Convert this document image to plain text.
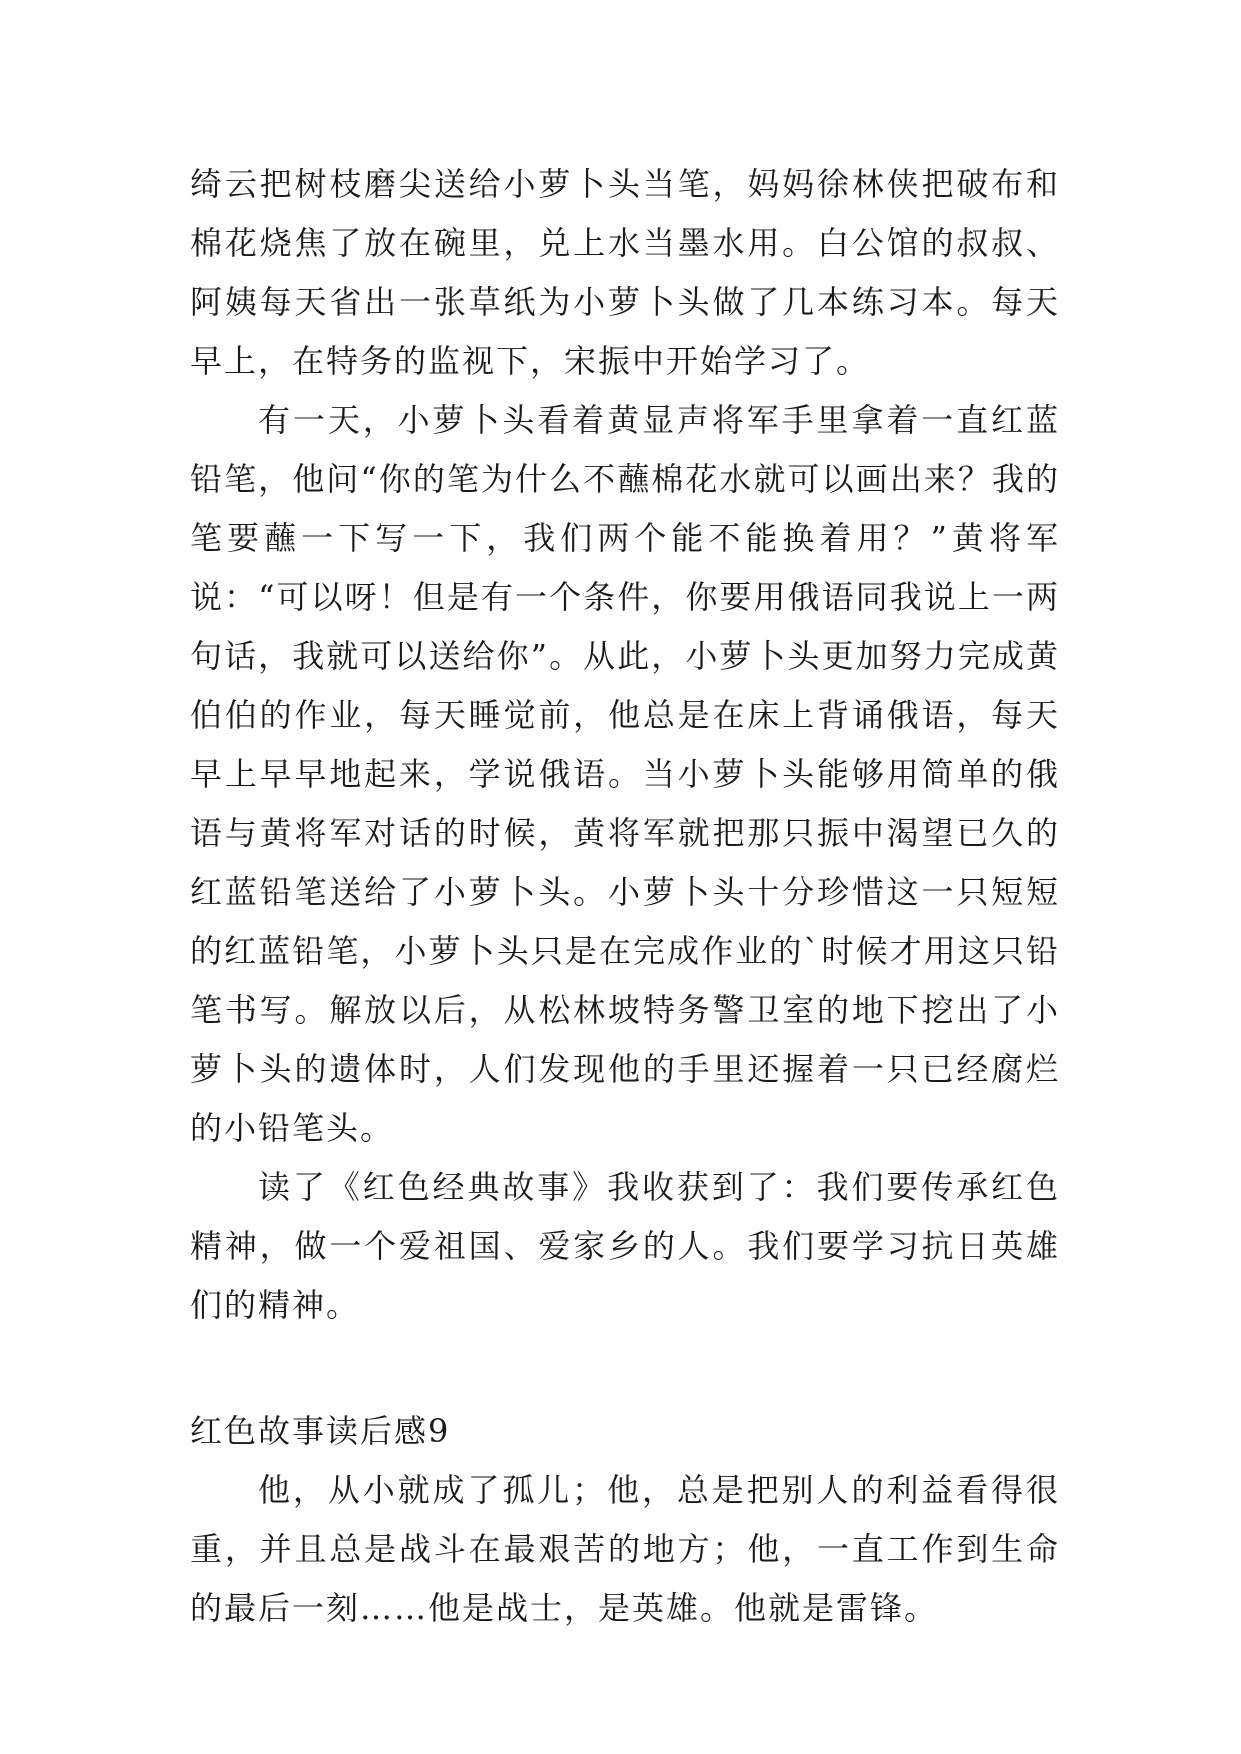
绮云把树枝磨尖送给小萝卜头当笔，妈妈徐林侠把破布和棉花烧焦了放在碗里，兑上水当墨水用。白公馆的叔叔、阿姨每天省出一张草纸为小萝卜头做了几本练习本。每天早上，在特务的监视下，宋振中开始学习了。

有一天，小萝卜头看着黄显声将军手里拿着一直红蓝铅笔，他问“你的笔为什么不蘸棉花水就可以画出来？我的笔要蘸一下写一下，我们两个能不能换着用？”黄将军说：“可以呀！但是有一个条件，你要用俄语同我说上一两句话，我就可以送给你”。从此，小萝卜头更加努力完成黄伯伯的作业，每天睡觉前，他总是在床上背诵俄语，每天早上早早地起来，学说俄语。当小萝卜头能够用简单的俄语与黄将军对话的时候，黄将军就把那只振中渴望已久的红蓝铅笔送给了小萝卜头。小萝卜头十分珍惜这一只短短的红蓝铅笔，小萝卜头只是在完成作业的`时候才用这只铅笔书写。解放以后，从松林坡特务警卫室的地下挖出了小萝卜头的遗体时，人们发现他的手里还握着一只已经腐烂的小铅笔头。

读了《红色经典故事》我收获到了：我们要传承红色精神，做一个爱祖国、爱家乡的人。我们要学习抗日英雄们的精神。

红色故事读后感9

他，从小就成了孤儿；他，总是把别人的利益看得很重，并且总是战斗在最艰苦的地方；他，一直工作到生命的最后一刻……他是战士，是英雄。他就是雷锋。
